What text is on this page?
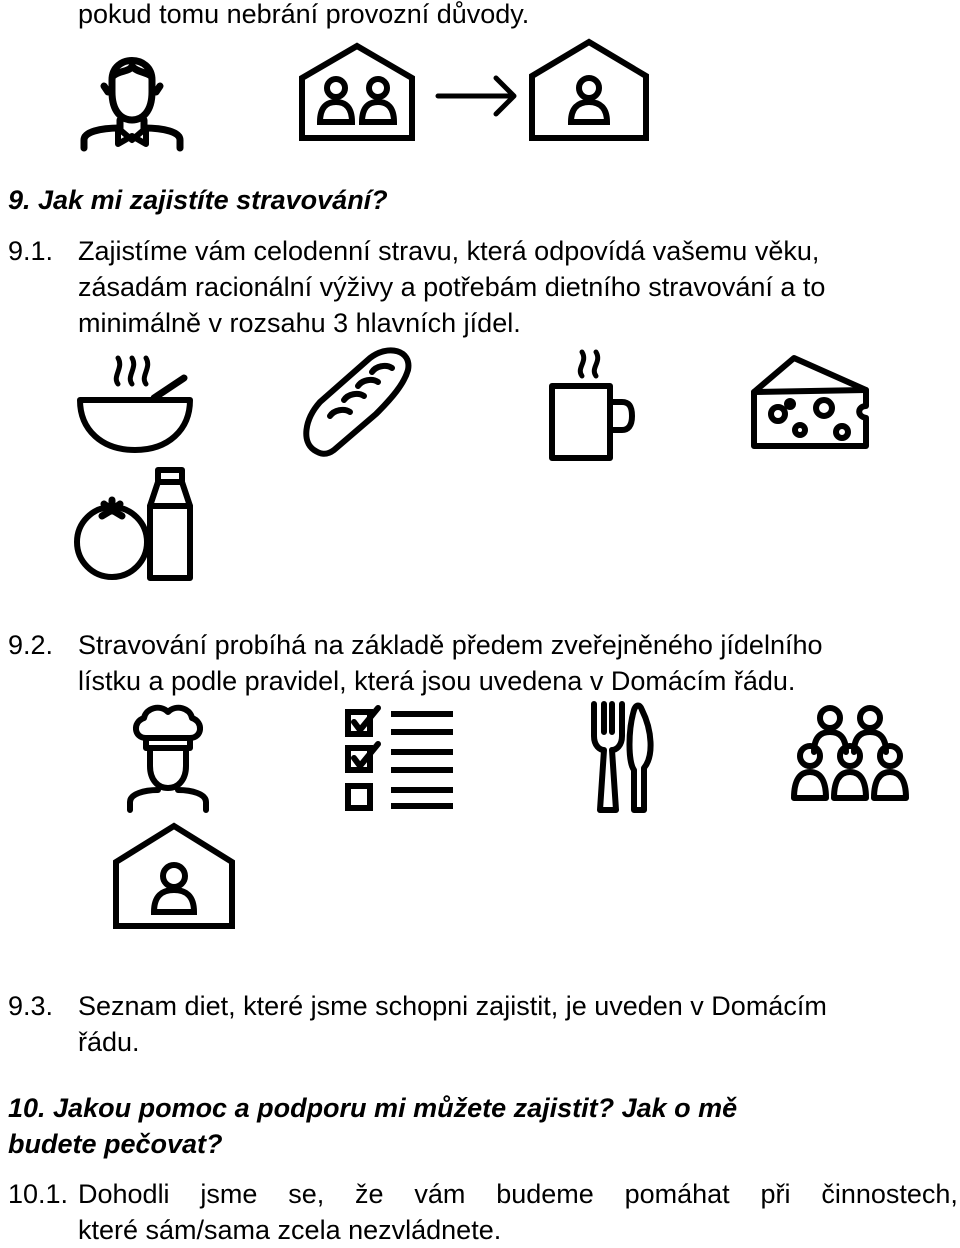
pokud tomu nebrání provozní důvody.

9. Jak mi zajistíte stravování?

9.1. Zajistíme vám celodenní stravu, která odpovídá vašemu věku,
zásadám racionální výživy a potřebám dietního stravování a to
minimálně v rozsahu 3 hlavních jídel.
9.2. Stravování probíhá na základě předem zveřejněného jídelního
lístku a podle pravidel, která jsou uvedena v Domácím řádu.
9.3. Seznam diet, které jsme schopni zajistit, je uveden v Domácím
řádu.
10. Jakou pomoc a podporu mi můžete zajistit? Jak o mě
budete pečovat?
10.1. Dohodli jsme se, že vám budeme pomáhat při činnostech,
které sám/sama zcela nezvládnete.
